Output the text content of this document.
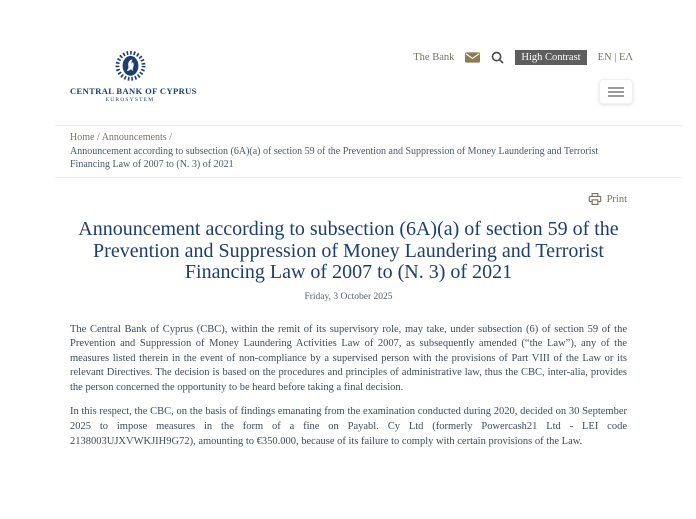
CENTRAL BANK OF CYPRUS
EUROSYSTEM
The Bank	High Contrast	EN | ΕΛ
Home / Announcements /
Announcement according to subsection (6A)(a) of section 59 of the Prevention and Suppression of Money Laundering and Terrorist Financing Law of 2007 to (N. 3) of 2021
Print
Announcement according to subsection (6A)(a) of section 59 of the Prevention and Suppression of Money Laundering and Terrorist Financing Law of 2007 to (N. 3) of 2021
Friday, 3 October 2025

The Central Bank of Cyprus (CBC), within the remit of its supervisory role, may take, under subsection (6) of section 59 of the Prevention and Suppression of Money Laundering Activities Law of 2007, as subsequently amended (“the Law”), any of the measures listed therein in the event of non-compliance by a supervised person with the provisions of Part VIII of the Law or its relevant Directives. The decision is based on the procedures and principles of administrative law, thus the CBC, inter-alia, provides the person concerned the opportunity to be heard before taking a final decision.

In this respect, the CBC, on the basis of findings emanating from the examination conducted during 2020, decided on 30 September 2025 to impose measures in the form of a fine on Payabl. Cy Ltd (formerly Powercash21 Ltd - LEI code 2138003UJXVWKJIH9G72), amounting to €350.000, because of its failure to comply with certain provisions of the Law.
